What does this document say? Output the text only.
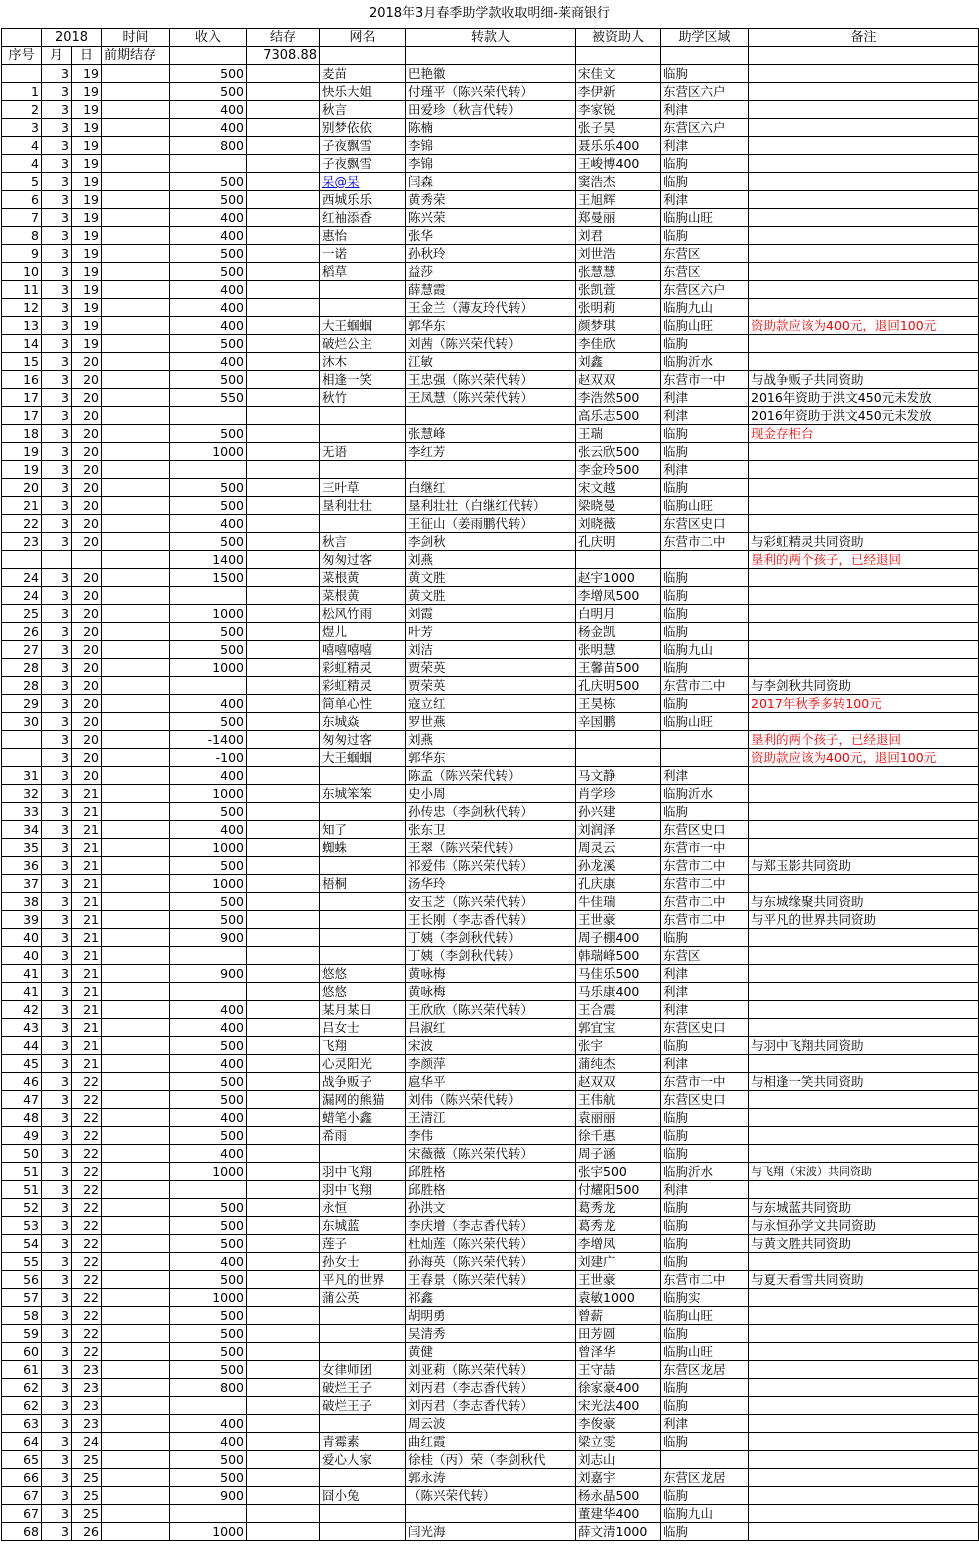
2018年3月春季助学款收取明细-莱商银行
	2018		时间	收入	结存	网名	转款人	被资助人	助学区域	备注
序号	月	日	前期结存		7308.88					
	3	19		500		麦苗	巴艳徽	宋佳文	临朐	
1	3	19		500		快乐大姐	付瑾平（陈兴荣代转）	李伊新	东营区六户	
2	3	19		400		秋言	田爱珍（秋言代转）	李家锐	利津	
3	3	19		400		别梦依依	陈楠	张子昊	东营区六户	
4	3	19		800		子夜飘雪	李锦	聂乐乐400	利津	
4	3	19				子夜飘雪	李锦	王峻博400	临朐	
5	3	19		500		呆@呆	闫森	窦浩杰	临朐	
6	3	19		500		西城乐乐	黄秀荣	王旭辉	利津	
7	3	19		400		红袖添香	陈兴荣	郑曼丽	临朐山旺	
8	3	19		400		惠怡	张华	刘君	临朐	
9	3	19		500		一诺	孙秋玲	刘世浩	东营区	
10	3	19		500		稻草	益莎	张慧慧	东营区	
11	3	19		400			薛慧霞	张凯萱	东营区六户	
12	3	19		400			王金兰（薄友玲代转）	张明莉	临朐九山	
13	3	19		400		大王蝈蝈	郭华东	颜梦琪	临朐山旺	资助款应该为400元，退回100元
14	3	19		500		破烂公主	刘茜（陈兴荣代转）	李佳欣	临朐	
15	3	20		400		沐木	江敏	刘鑫	临朐沂水	
16	3	20		500		相逢一笑	王忠强（陈兴荣代转）	赵双双	东营市一中	与战争贩子共同资助
17	3	20		550		秋竹	王凤慧（陈兴荣代转）	李浩然500	利津	2016年资助于洪文450元未发放
17	3	20						高乐志500	利津	2016年资助于洪文450元未发放
18	3	20		500			张慧峰	王瑞	临朐	现金存柜台
19	3	20		1000		无语	李红芳	张云欣500	临朐	
19	3	20						李金玲500	利津	
20	3	20		500		三叶草	白继红	宋文越	临朐	
21	3	20		500		垦利壮壮	垦利壮壮（白继红代转）	梁晓曼	临朐山旺	
22	3	20		400			王征山（姜雨鹏代转）	刘晓薇	东营区史口	
23	3	20		500		秋言	李剑秋	孔庆明	东营市二中	与彩虹精灵共同资助
				1400		匆匆过客	刘燕			垦利的两个孩子，已经退回
24	3	20		1500		菜根黄	黄文胜	赵宇1000	临朐	
24	3	20				菜根黄	黄文胜	李增凤500	临朐	
25	3	20		1000		松风竹雨	刘霞	白明月	临朐	
26	3	20		500		煜儿	叶芳	杨金凯	临朐	
27	3	20		500		嘻嘻嘻嘻	刘洁	张明慧	临朐九山	
28	3	20		1000		彩虹精灵	贾荣英	王馨苗500	临朐	
28	3	20				彩虹精灵	贾荣英	孔庆明500	东营市二中	与李剑秋共同资助
29	3	20		400		简单心性	寇立红	王昊栋	临朐	2017年秋季多转100元
30	3	20		500		东城焱	罗世燕	辛国鹏	临朐山旺	
	3	20		-1400		匆匆过客	刘燕			垦利的两个孩子，已经退回
	3	20		-100		大王蝈蝈	郭华东			资助款应该为400元，退回100元
31	3	20		400			陈孟（陈兴荣代转）	马文静	利津	
32	3	21		1000		东城笨笨	史小周	肖学珍	临朐沂水	
33	3	21		500			孙传忠（李剑秋代转）	孙兴建	临朐	
34	3	21		400		知了	张东卫	刘润泽	东营区史口	
35	3	21		1000		蜘蛛	王翠（陈兴荣代转）	周灵云	东营市一中	
36	3	21		500			祁爱伟（陈兴荣代转）	孙龙溪	东营市二中	与郑玉影共同资助
37	3	21		1000		梧桐	汤华玲	孔庆康	东营市二中	
38	3	21		500			安玉芝（陈兴荣代转）	牛佳瑞	东营市二中	与东城缘聚共同资助
39	3	21		500			王长刚（李志香代转）	王世豪	东营市二中	与平凡的世界共同资助
40	3	21		900			丁姨（李剑秋代转）	周子棚400	临朐	
40	3	21					丁姨（李剑秋代转）	韩瑞峰500	东营区	
41	3	21		900		悠悠	黄咏梅	马佳乐500	利津	
41	3	21				悠悠	黄咏梅	马乐康400	利津	
42	3	21		400		某月某日	王欣欣（陈兴荣代转）	王合震	利津	
43	3	21		400		吕女士	吕淑红	郭宜宝	东营区史口	
44	3	21		500		飞翔	宋波	张宇	临朐	与羽中飞翔共同资助
45	3	21		400		心灵阳光	李颜萍	蒲纯杰	利津	
46	3	22		500		战争贩子	扈华平	赵双双	东营市一中	与相逢一笑共同资助
47	3	22		500		漏网的熊猫	刘伟（陈兴荣代转）	王伟航	东营区史口	
48	3	22		400		蜡笔小鑫	王清江	袁丽丽	临朐	
49	3	22		500		希雨	李伟	徐千惠	临朐	
50	3	22		400			宋薇薇（陈兴荣代转）	周子涵	临朐	
51	3	22		1000		羽中飞翔	邱胜格	张宇500	临朐沂水	与飞翔（宋波）共同资助
51	3	22				羽中飞翔	邱胜格	付耀阳500	利津	
52	3	22		500		永恒	孙洪文	葛秀龙	临朐	与东城蓝共同资助
53	3	22		500		东城蓝	李庆增（李志香代转）	葛秀龙	临朐	与永恒孙学文共同资助
54	3	22		500		莲子	杜灿莲（陈兴荣代转）	李增凤	临朐	与黄文胜共同资助
55	3	22		400		孙女士	孙海英（陈兴荣代转）	刘建广	临朐	
56	3	22		500		平凡的世界	王春景（陈兴荣代转）	王世豪	东营市二中	与夏天看雪共同资助
57	3	22		1000		蒲公英	祁鑫	袁敏1000	临朐实	
58	3	22		500			胡明勇	曾薪	临朐山旺	
59	3	22		500			吴清秀	田芳圆	临朐	
60	3	22		500			黄健	曾泽华	临朐山旺	
61	3	23		500		女律师团	刘亚莉（陈兴荣代转）	王守喆	东营区龙居	
62	3	23		800		破烂王子	刘丙君（李志香代转）	徐家豪400	临朐	
62	3	23				破烂王子	刘丙君（李志香代转）	宋光法400	临朐	
63	3	23		400			周云波	李俊豪	利津	
64	3	24		400		青霉素	曲红霞	梁立雯	临朐	
65	3	25		500		爱心人家	徐桂（丙）荣（李剑秋代	刘志山		
66	3	25		500			郭永涛	刘嘉宇	东营区龙居	
67	3	25		900		囧小兔	（陈兴荣代转）	杨永晶500	临朐	
67	3	25						董建华400	临朐九山	
68	3	26		1000			闫光海	薛文清1000	临朐	
